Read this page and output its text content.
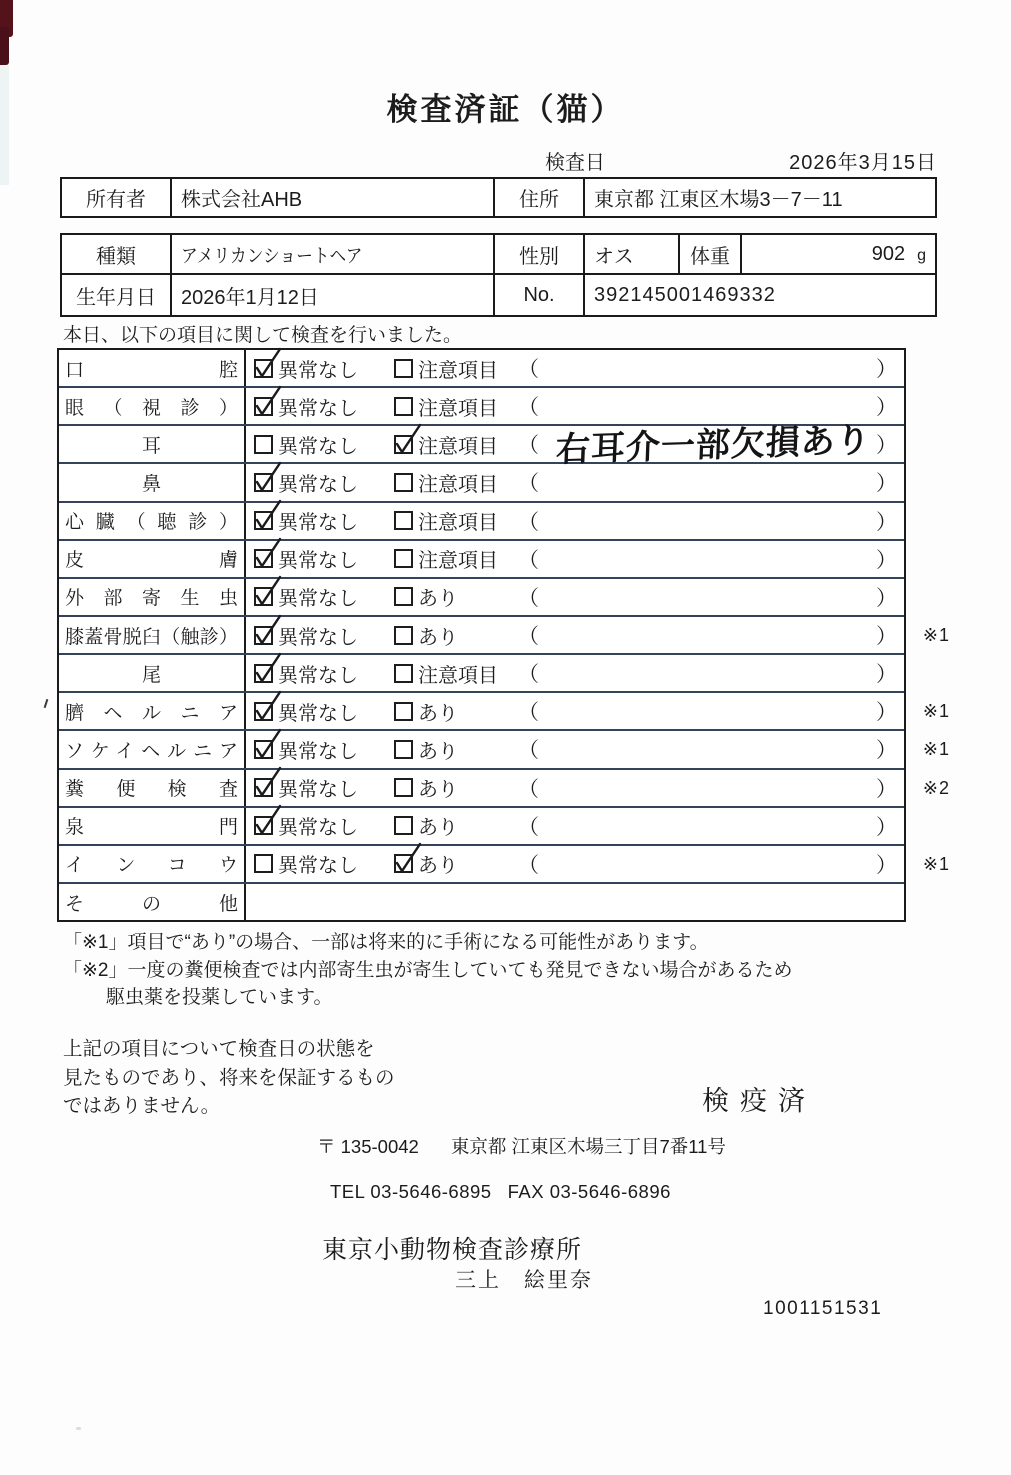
検査済証（猫）
検査日	2026年3月15日
所有者	株式会社AHB	住所	東京都 江東区木場3－7－11
種類	アメリカンショートヘア	性別	オス	体重	902 g
生年月日	2026年1月12日	No.	392145001469332
本日、以下の項目に関して検査を行いました。
口腔 異常なし	注意項目 （	）
眼（視診） 異常なし	注意項目 （	）
耳	異常なし	注意項目 （ 右耳介一部欠損あり ）
鼻	異常なし	注意項目 （	）
心臓（聴診） 異常なし	注意項目 （	）
皮膚 異常なし	注意項目 （	）
外部寄生虫 異常なし	あり	（	）
膝蓋骨脱臼（触診） 異常なし	あり	（	） ※1
尾	異常なし	注意項目 （	）
臍ヘルニア 異常なし	あり	（	） ※1
ソケイヘルニア 異常なし	あり	（	） ※1
糞便検査 異常なし	あり	（	） ※2
泉門 異常なし	あり	（	）
インコウ 異常なし	あり	（	） ※1
その他
「※1」項目で“あり”の場合、一部は将来的に手術になる可能性があります。
「※2」一度の糞便検査では内部寄生虫が寄生していても発見できない場合があるため
駆虫薬を投薬しています。
上記の項目について検査日の状態を
見たものであり、将来を保証するもの
ではありません。	検疫済
〒 135-0042 東京都 江東区木場三丁目7番11号
TEL 03-5646-6895 FAX 03-5646-6896
東京小動物検査診療所
三上　絵里奈
1001151531
